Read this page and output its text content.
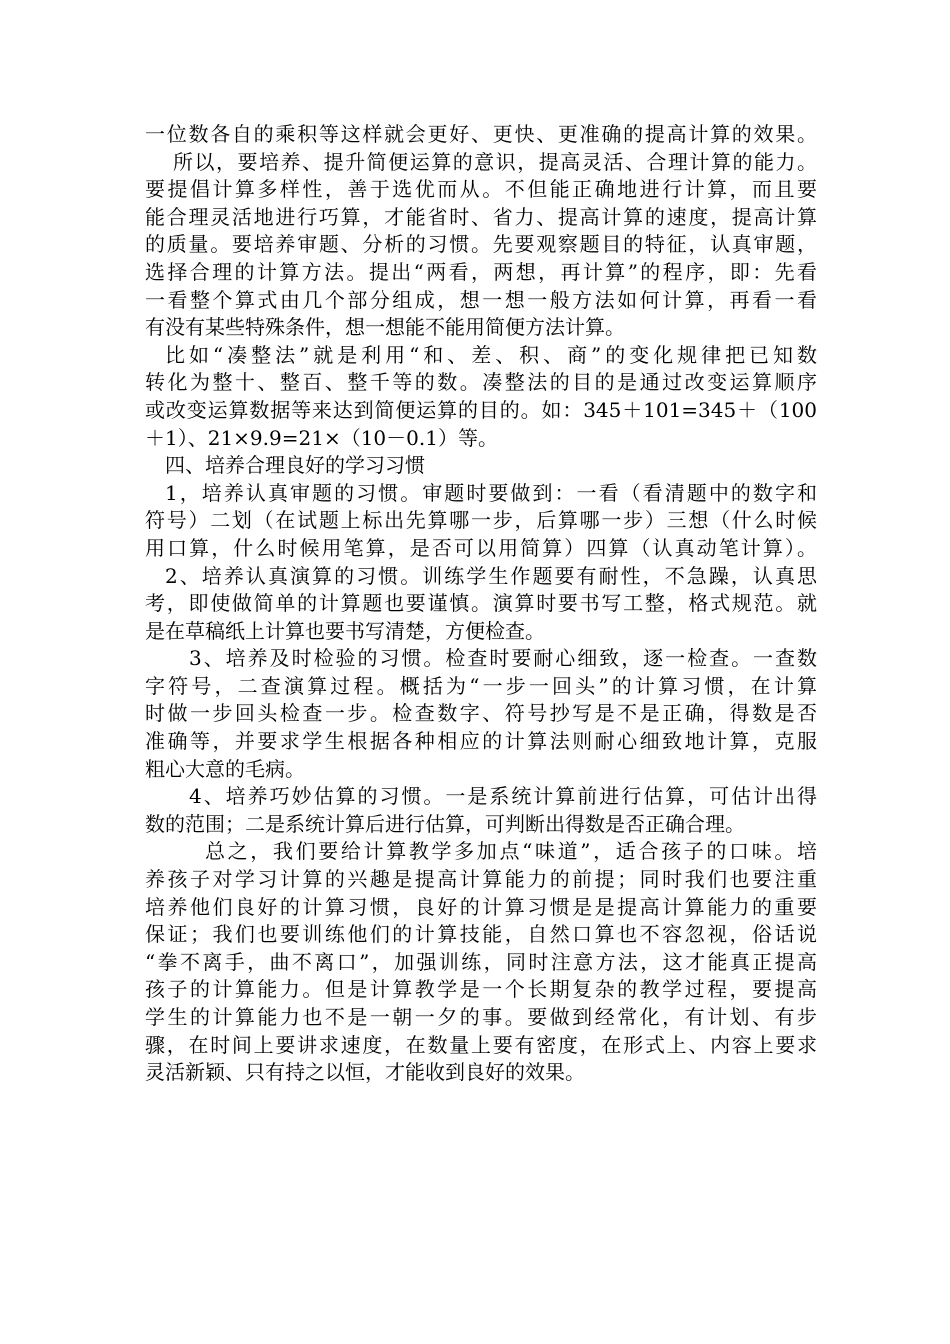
一位数各自的乘积等这样就会更好、更快、更准确的提高计算的效果。
所以，要培养、提升简便运算的意识，提高灵活、合理计算的能力。
要提倡计算多样性，善于选优而从。不但能正确地进行计算，而且要
能合理灵活地进行巧算，才能省时、省力、提高计算的速度，提高计算
的质量。要培养审题、分析的习惯。先要观察题目的特征，认真审题，
选择合理的计算方法。提出“两看，两想，再计算”的程序，即：先看
一看整个算式由几个部分组成，想一想一般方法如何计算，再看一看
有没有某些特殊条件，想一想能不能用简便方法计算。
比如“凑整法”就是利用“和、差、积、商”的变化规律把已知数
转化为整十、整百、整千等的数。凑整法的目的是通过改变运算顺序
或改变运算数据等来达到简便运算的目的。如：345＋101=345＋（100
＋1）、21×9.9=21×（10－0.1）等。
四、培养合理良好的学习习惯
1，培养认真审题的习惯。审题时要做到：一看（看清题中的数字和
符号）二划（在试题上标出先算哪一步，后算哪一步）三想（什么时候
用口算，什么时候用笔算，是否可以用简算）四算（认真动笔计算）。
2、培养认真演算的习惯。训练学生作题要有耐性，不急躁，认真思
考，即使做简单的计算题也要谨慎。演算时要书写工整，格式规范。就
是在草稿纸上计算也要书写清楚，方便检查。
3、培养及时检验的习惯。检查时要耐心细致，逐一检查。一查数
字符号，二查演算过程。概括为“一步一回头”的计算习惯，在计算
时做一步回头检查一步。检查数字、符号抄写是不是正确，得数是否
准确等，并要求学生根据各种相应的计算法则耐心细致地计算，克服
粗心大意的毛病。
4、培养巧妙估算的习惯。一是系统计算前进行估算，可估计出得
数的范围；二是系统计算后进行估算，可判断出得数是否正确合理。
总之，我们要给计算教学多加点“味道”，适合孩子的口味。培
养孩子对学习计算的兴趣是提高计算能力的前提；同时我们也要注重
培养他们良好的计算习惯，良好的计算习惯是是提高计算能力的重要
保证；我们也要训练他们的计算技能，自然口算也不容忽视，俗话说
“拳不离手，曲不离口”，加强训练，同时注意方法，这才能真正提高
孩子的计算能力。但是计算教学是一个长期复杂的教学过程，要提高
学生的计算能力也不是一朝一夕的事。要做到经常化，有计划、有步
骤，在时间上要讲求速度，在数量上要有密度，在形式上、内容上要求
灵活新颖、只有持之以恒，才能收到良好的效果。
